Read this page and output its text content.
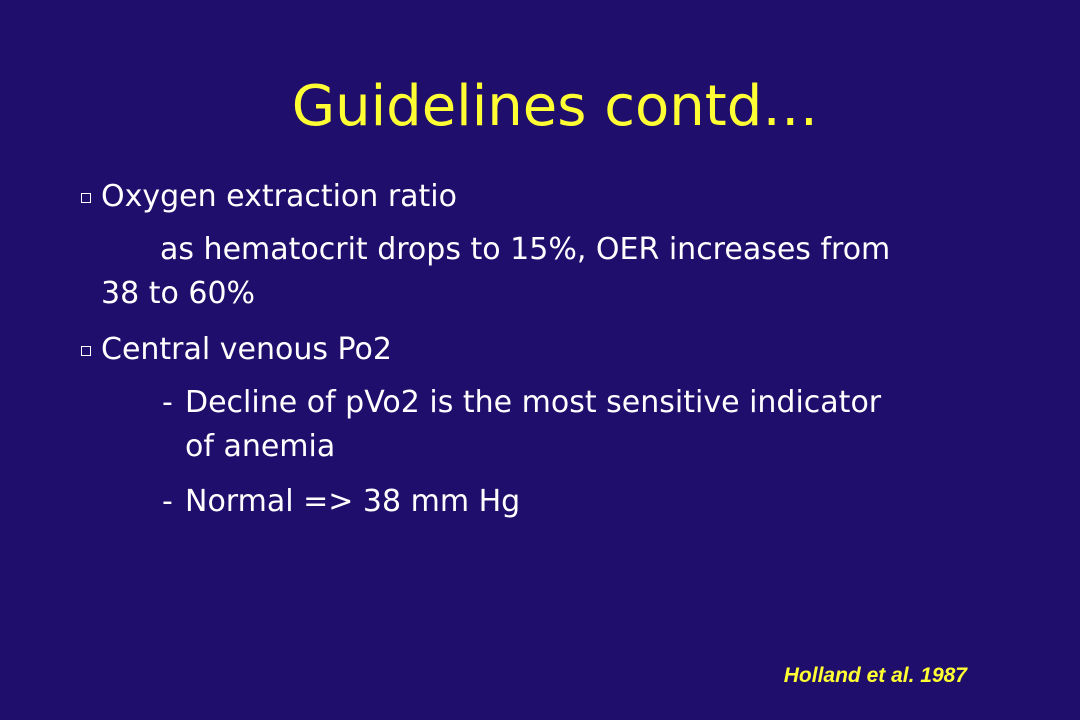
Guidelines contd…
Oxygen extraction ratio
as hematocrit drops to 15%, OER increases from
38 to 60%
Central venous Po2
- Decline of pVo2 is the most sensitive indicator
of anemia
- Normal => 38 mm Hg
Holland et al. 1987
